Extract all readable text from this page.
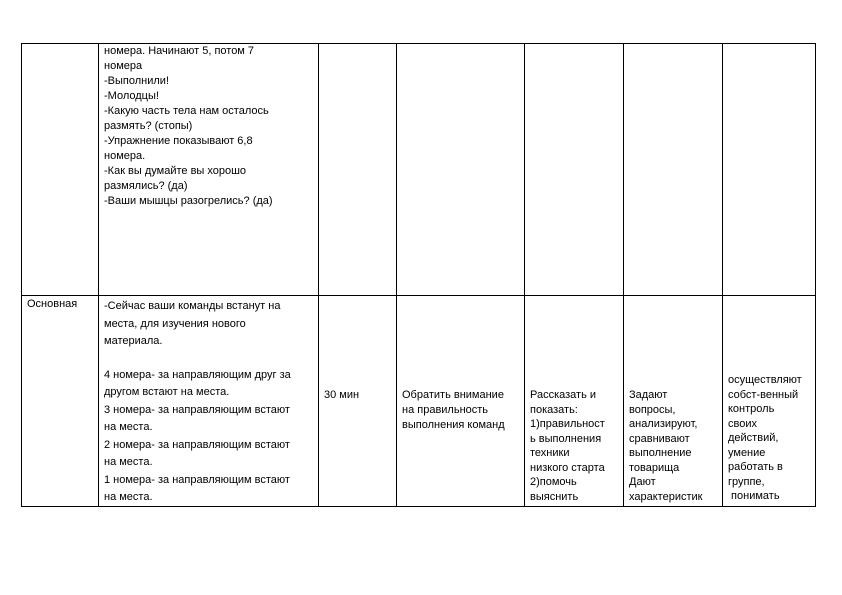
номера. Начинают 5, потом 7
номера
-Выполнили!
-Молодцы!
-Какую часть тела нам осталось
размять? (стопы)
-Упражнение показывают 6,8
номера.
-Как вы думайте вы хорошо
размялись? (да)
-Ваши мышцы разогрелись? (да)
Основная -Сейчас ваши команды встанут на
места, для изучения нового
материала.
4 номера- за направляющим друг за
другом встают на места.
3 номера- за направляющим встают
на места.
2 номера- за направляющим встают
на места.
1 номера- за направляющим встают
на места.
30 мин	Обратить внимание
на правильность
выполнения команд
Рассказать и
показать:
1)правильност
ь выполнения
техники
низкого старта
2)помочь
выяснить
Задают
вопросы,
анализируют,
сравнивают
выполнение
товарища
Дают
характеристик
осуществляют
собст-венный
контроль
своих
действий,
умение
работать в
группе,
понимать
